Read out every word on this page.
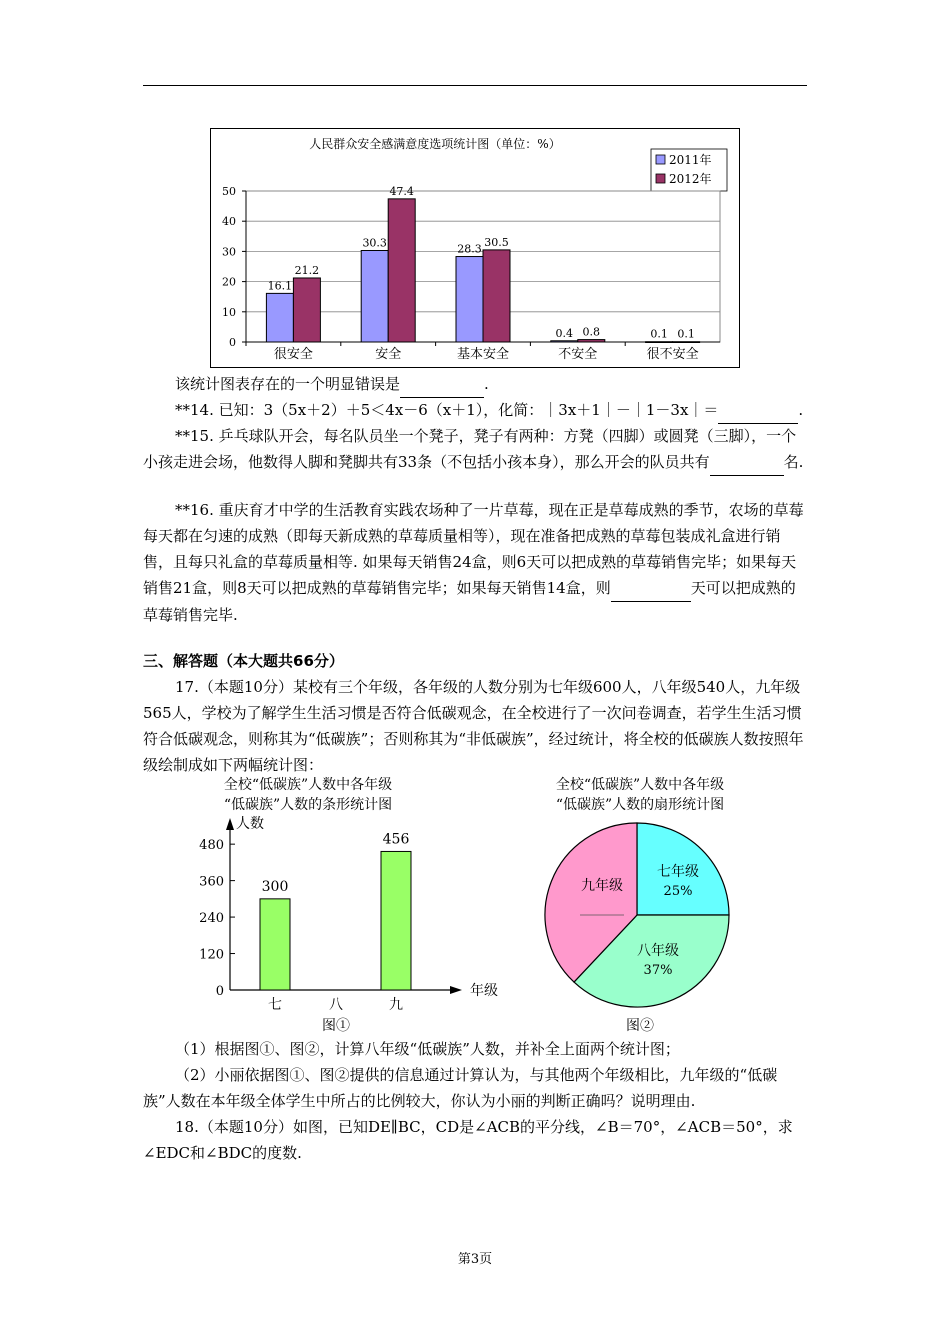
人民群众安全感满意度选项统计图（单位：%）
2011年
2012年
0
10
20
30
40
50
很安全
16.1
21.2
安全
30.3
47.4
基本安全
28.3
30.5
不安全
0.4 0.8
很不安全
0.1 0.1

该统计图表存在的一个明显错误是	.

**14. 已知：3（5x＋2）＋5＜4x－6（x＋1），化简：｜3x＋1｜－｜1－3x｜＝	.

**15. 乒乓球队开会，每名队员坐一个凳子，凳子有两种：方凳（四脚）或圆凳（三脚），一个小孩走进会场，他数得人脚和凳脚共有33条（不包括小孩本身），那么开会的队员共有	名.

**16. 重庆育才中学的生活教育实践农场种了一片草莓，现在正是草莓成熟的季节，农场的草莓每天都在匀速的成熟（即每天新成熟的草莓质量相等），现在准备把成熟的草莓包装成礼盒进行销售，且每只礼盒的草莓质量相等. 如果每天销售24盒，则6天可以把成熟的草莓销售完毕；如果每天销售21盒，则8天可以把成熟的草莓销售完毕；如果每天销售14盒，则	天可以把成熟的草莓销售完毕.

三、解答题（本大题共66分）

17.（本题10分）某校有三个年级，各年级的人数分别为七年级600人，八年级540人，九年级565人，学校为了解学生生活习惯是否符合低碳观念，在全校进行了一次问卷调查，若学生生活习惯符合低碳观念，则称其为“低碳族”；否则称其为“非低碳族”，经过统计，将全校的低碳族人数按照年级绘制成如下两幅统计图：

全校“低碳族”人数中各年级
“低碳族”人数的条形统计图
人数
年级
0
120
240
360
480
七
300
八	九
456
图①
全校“低碳族”人数中各年级
“低碳族”人数的扇形统计图
七年级
25%
八年级
37%
九年级
图②

（1）根据图①、图②，计算八年级“低碳族”人数，并补全上面两个统计图；

（2）小丽依据图①、图②提供的信息通过计算认为，与其他两个年级相比，九年级的“低碳族”人数在本年级全体学生中所占的比例较大，你认为小丽的判断正确吗？说明理由.

18.（本题10分）如图，已知DE∥BC，CD是∠ACB的平分线，∠B＝70°，∠ACB＝50°，求∠EDC和∠BDC的度数.

第3页
